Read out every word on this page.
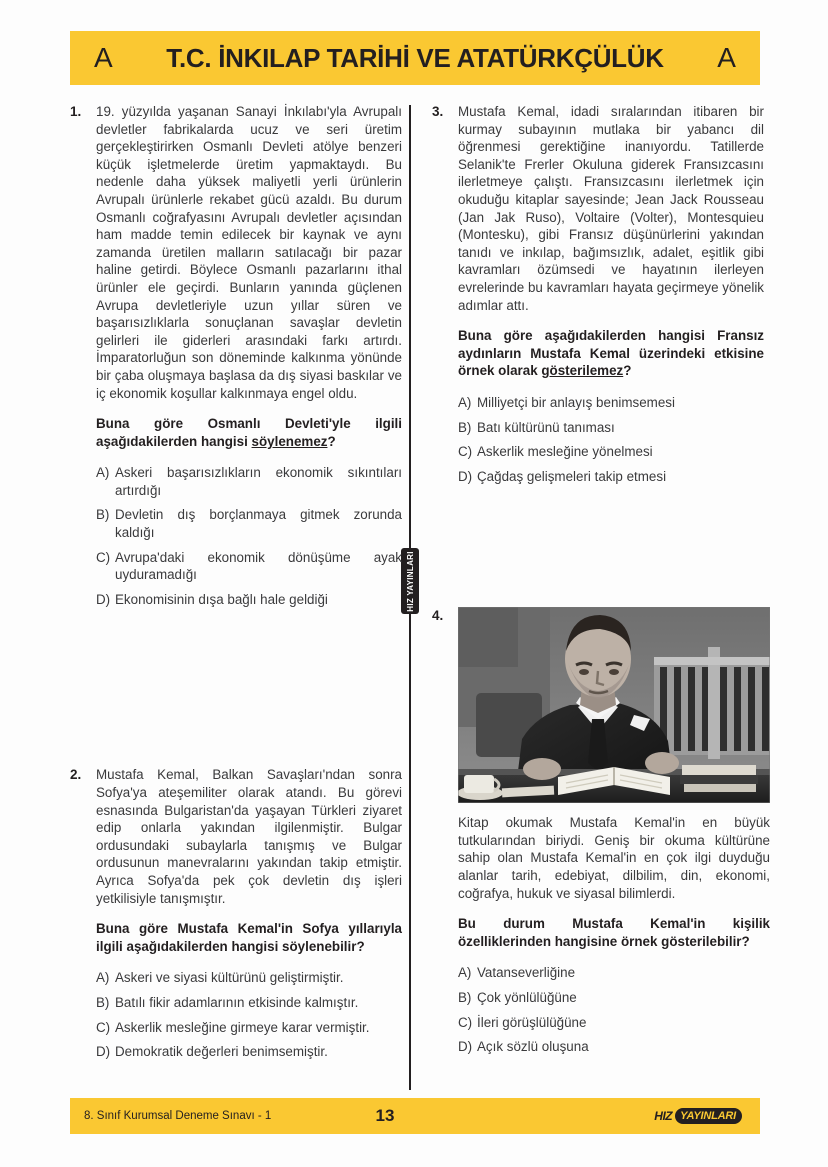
A T.C. İNKILAP TARİHİ VE ATATÜRKÇÜLÜK A
HIZ YAYINLARI
1.	19. yüzyılda yaşanan Sanayi İnkılabı'yla Avrupalı devletler fabrikalarda ucuz ve seri üretim gerçekleştirirken Osmanlı Devleti atölye benzeri küçük işletmelerde üretim yapmaktaydı. Bu nedenle daha yüksek maliyetli yerli ürünlerin Avrupalı ürünlerle rekabet gücü azaldı. Bu durum Osmanlı coğrafyasını Avrupalı devletler açısından ham madde temin edilecek bir kaynak ve aynı zamanda üretilen malların satılacağı bir pazar haline getirdi. Böylece Osmanlı pazarlarını ithal ürünler ele geçirdi. Bunların yanında güçlenen Avrupa devletleriyle uzun yıllar süren ve başarısızlıklarla sonuçlanan savaşlar devletin gelirleri ile giderleri arasındaki farkı artırdı. İmparatorluğun son döneminde kalkınma yönünde bir çaba oluşmaya başlasa da dış siyasi baskılar ve iç ekonomik koşullar kalkınmaya engel oldu.

Buna göre Osmanlı Devleti'yle ilgili aşağıdakilerden hangisi söylenemez?

A) Askeri başarısızlıkların ekonomik sıkıntıları artırdığı
B) Devletin dış borçlanmaya gitmek zorunda kaldığı
C) Avrupa'daki ekonomik dönüşüme ayak uyduramadığı
D) Ekonomisinin dışa bağlı hale geldiği
2.	Mustafa Kemal, Balkan Savaşları'ndan sonra Sofya'ya ateşemiliter olarak atandı. Bu görevi esnasında Bulgaristan'da yaşayan Türkleri ziyaret edip onlarla yakından ilgilenmiştir. Bulgar ordusundaki subaylarla tanışmış ve Bulgar ordusunun manevralarını yakından takip etmiştir. Ayrıca Sofya'da pek çok devletin dış işleri yetkilisiyle tanışmıştır.

Buna göre Mustafa Kemal'in Sofya yıllarıyla ilgili aşağıdakilerden hangisi söylenebilir?

A) Askeri ve siyasi kültürünü geliştirmiştir.
B) Batılı fikir adamlarının etkisinde kalmıştır.
C) Askerlik mesleğine girmeye karar vermiştir.
D) Demokratik değerleri benimsemiştir.
3.	Mustafa Kemal, idadi sıralarından itibaren bir kurmay subayının mutlaka bir yabancı dil öğrenmesi gerektiğine inanıyordu. Tatillerde Selanik'te Frerler Okuluna giderek Fransızcasını ilerletmeye çalıştı. Fransızcasını ilerletmek için okuduğu kitaplar sayesinde; Jean Jack Rousseau (Jan Jak Ruso), Voltaire (Volter), Montesquieu (Montesku), gibi Fransız düşünürlerini yakından tanıdı ve inkılap, bağımsızlık, adalet, eşitlik gibi kavramları özümsedi ve hayatının ilerleyen evrelerinde bu kavramları hayata geçirmeye yönelik adımlar attı.

Buna göre aşağıdakilerden hangisi Fransız aydınların Mustafa Kemal üzerindeki etkisine örnek olarak gösterilemez?

A) Milliyetçi bir anlayış benimsemesi
B) Batı kültürünü tanıması
C) Askerlik mesleğine yönelmesi
D) Çağdaş gelişmeleri takip etmesi
4.

Kitap okumak Mustafa Kemal'in en büyük tutkularından biriydi. Geniş bir okuma kültürüne sahip olan Mustafa Kemal'in en çok ilgi duyduğu alanlar tarih, edebiyat, dilbilim, din, ekonomi, coğrafya, hukuk ve siyasal bilimlerdi.

Bu durum Mustafa Kemal'in kişilik özelliklerinden hangisine örnek gösterilebilir?

A) Vatanseverliğine
B) Çok yönlülüğüne
C) İleri görüşlülüğüne
D) Açık sözlü oluşuna
8. Sınıf Kurumsal Deneme Sınavı - 1	13	HIZ YAYINLARI
